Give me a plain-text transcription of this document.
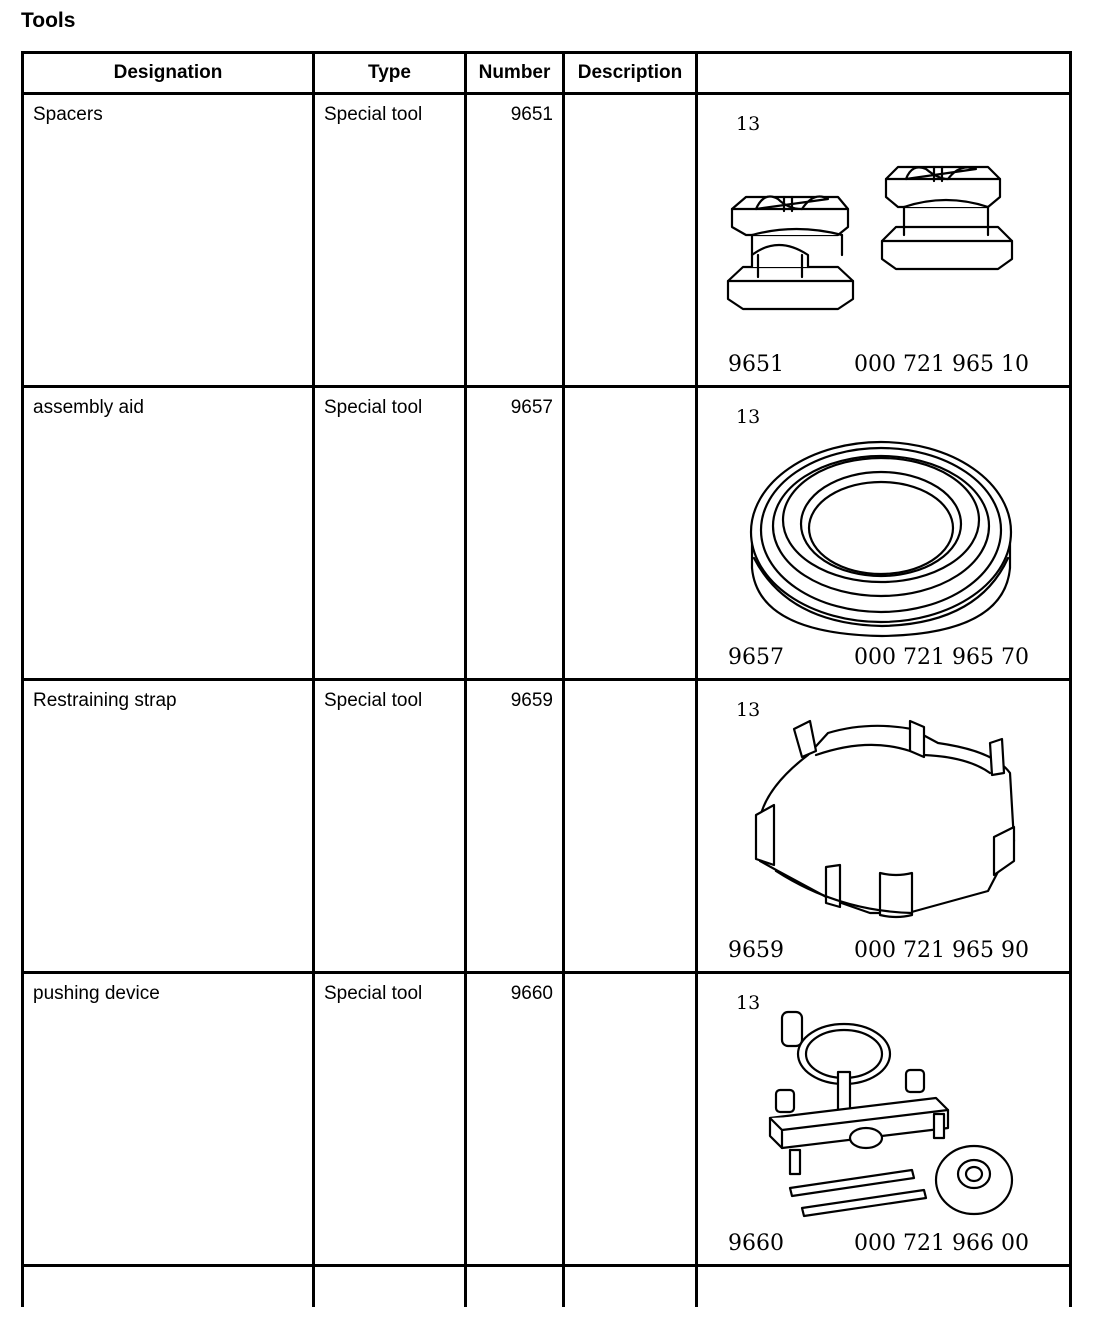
Tools
Designation	Type	Number	Description	

Spacers	Special tool	9651		13
9651 000 721 965 10

assembly aid	Special tool	9657		13
9657 000 721 965 70

Restraining strap	Special tool	9659		13
9659 000 721 965 90

pushing device	Special tool	9660		13
9660 000 721 966 00
